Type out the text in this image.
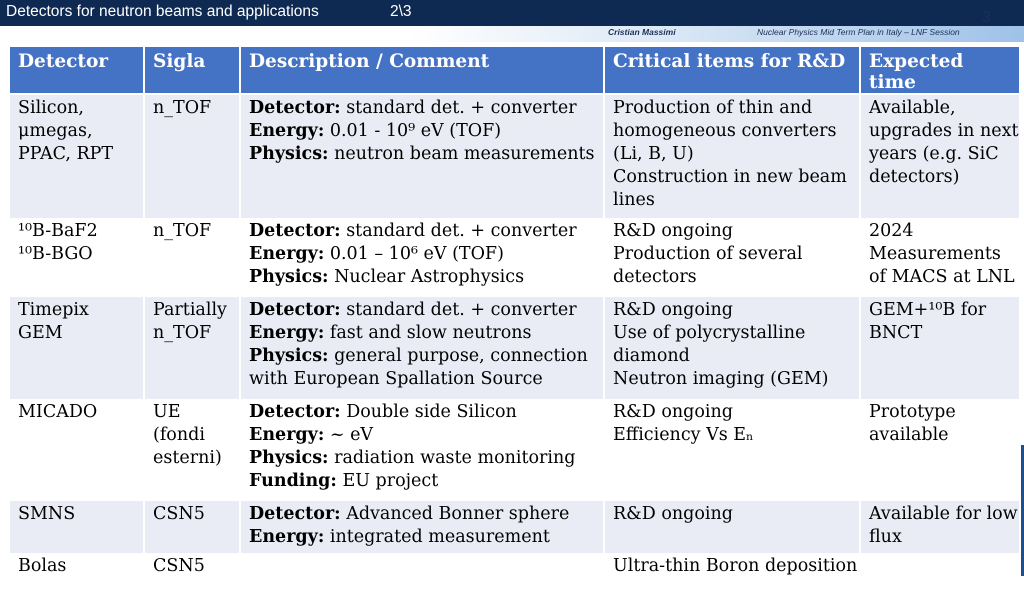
Detectors for neutron beams and applications	2\3
Cristian Massimi	Nuclear Physics Mid Term Plan in Italy – LNF Session
3
Detector	Sigla	Description / Comment	Critical items for R&D	Expected time

Silicon,
μmegas,
PPAC, RPT	n_TOF	Detector: standard det. + converter
Energy: 0.01 - 10⁹ eV (TOF)
Physics: neutron beam measurements	Production of thin and
homogeneous converters
(Li, B, U)
Construction in new beam
lines	Available,
upgrades in next
years (e.g. SiC
detectors)

¹⁰B-BaF2
¹⁰B-BGO	n_TOF	Detector: standard det. + converter
Energy: 0.01 – 10⁶ eV (TOF)
Physics: Nuclear Astrophysics	R&D ongoing
Production of several
detectors	2024
Measurements
of MACS at LNL

Timepix
GEM	Partially
n_TOF	Detector: standard det. + converter
Energy: fast and slow neutrons
Physics: general purpose, connection
with European Spallation Source	R&D ongoing
Use of polycrystalline
diamond
Neutron imaging (GEM)	GEM+¹⁰B for
BNCT

MICADO	UE
(fondi
esterni)	Detector: Double side Silicon
Energy: ~ eV
Physics: radiation waste monitoring
Funding: EU project	R&D ongoing
Efficiency Vs Eₙ	Prototype
available

SMNS	CSN5	Detector: Advanced Bonner sphere
Energy: integrated measurement	R&D ongoing	Available for low
flux

Bolas	CSN5		Ultra-thin Boron deposition	
